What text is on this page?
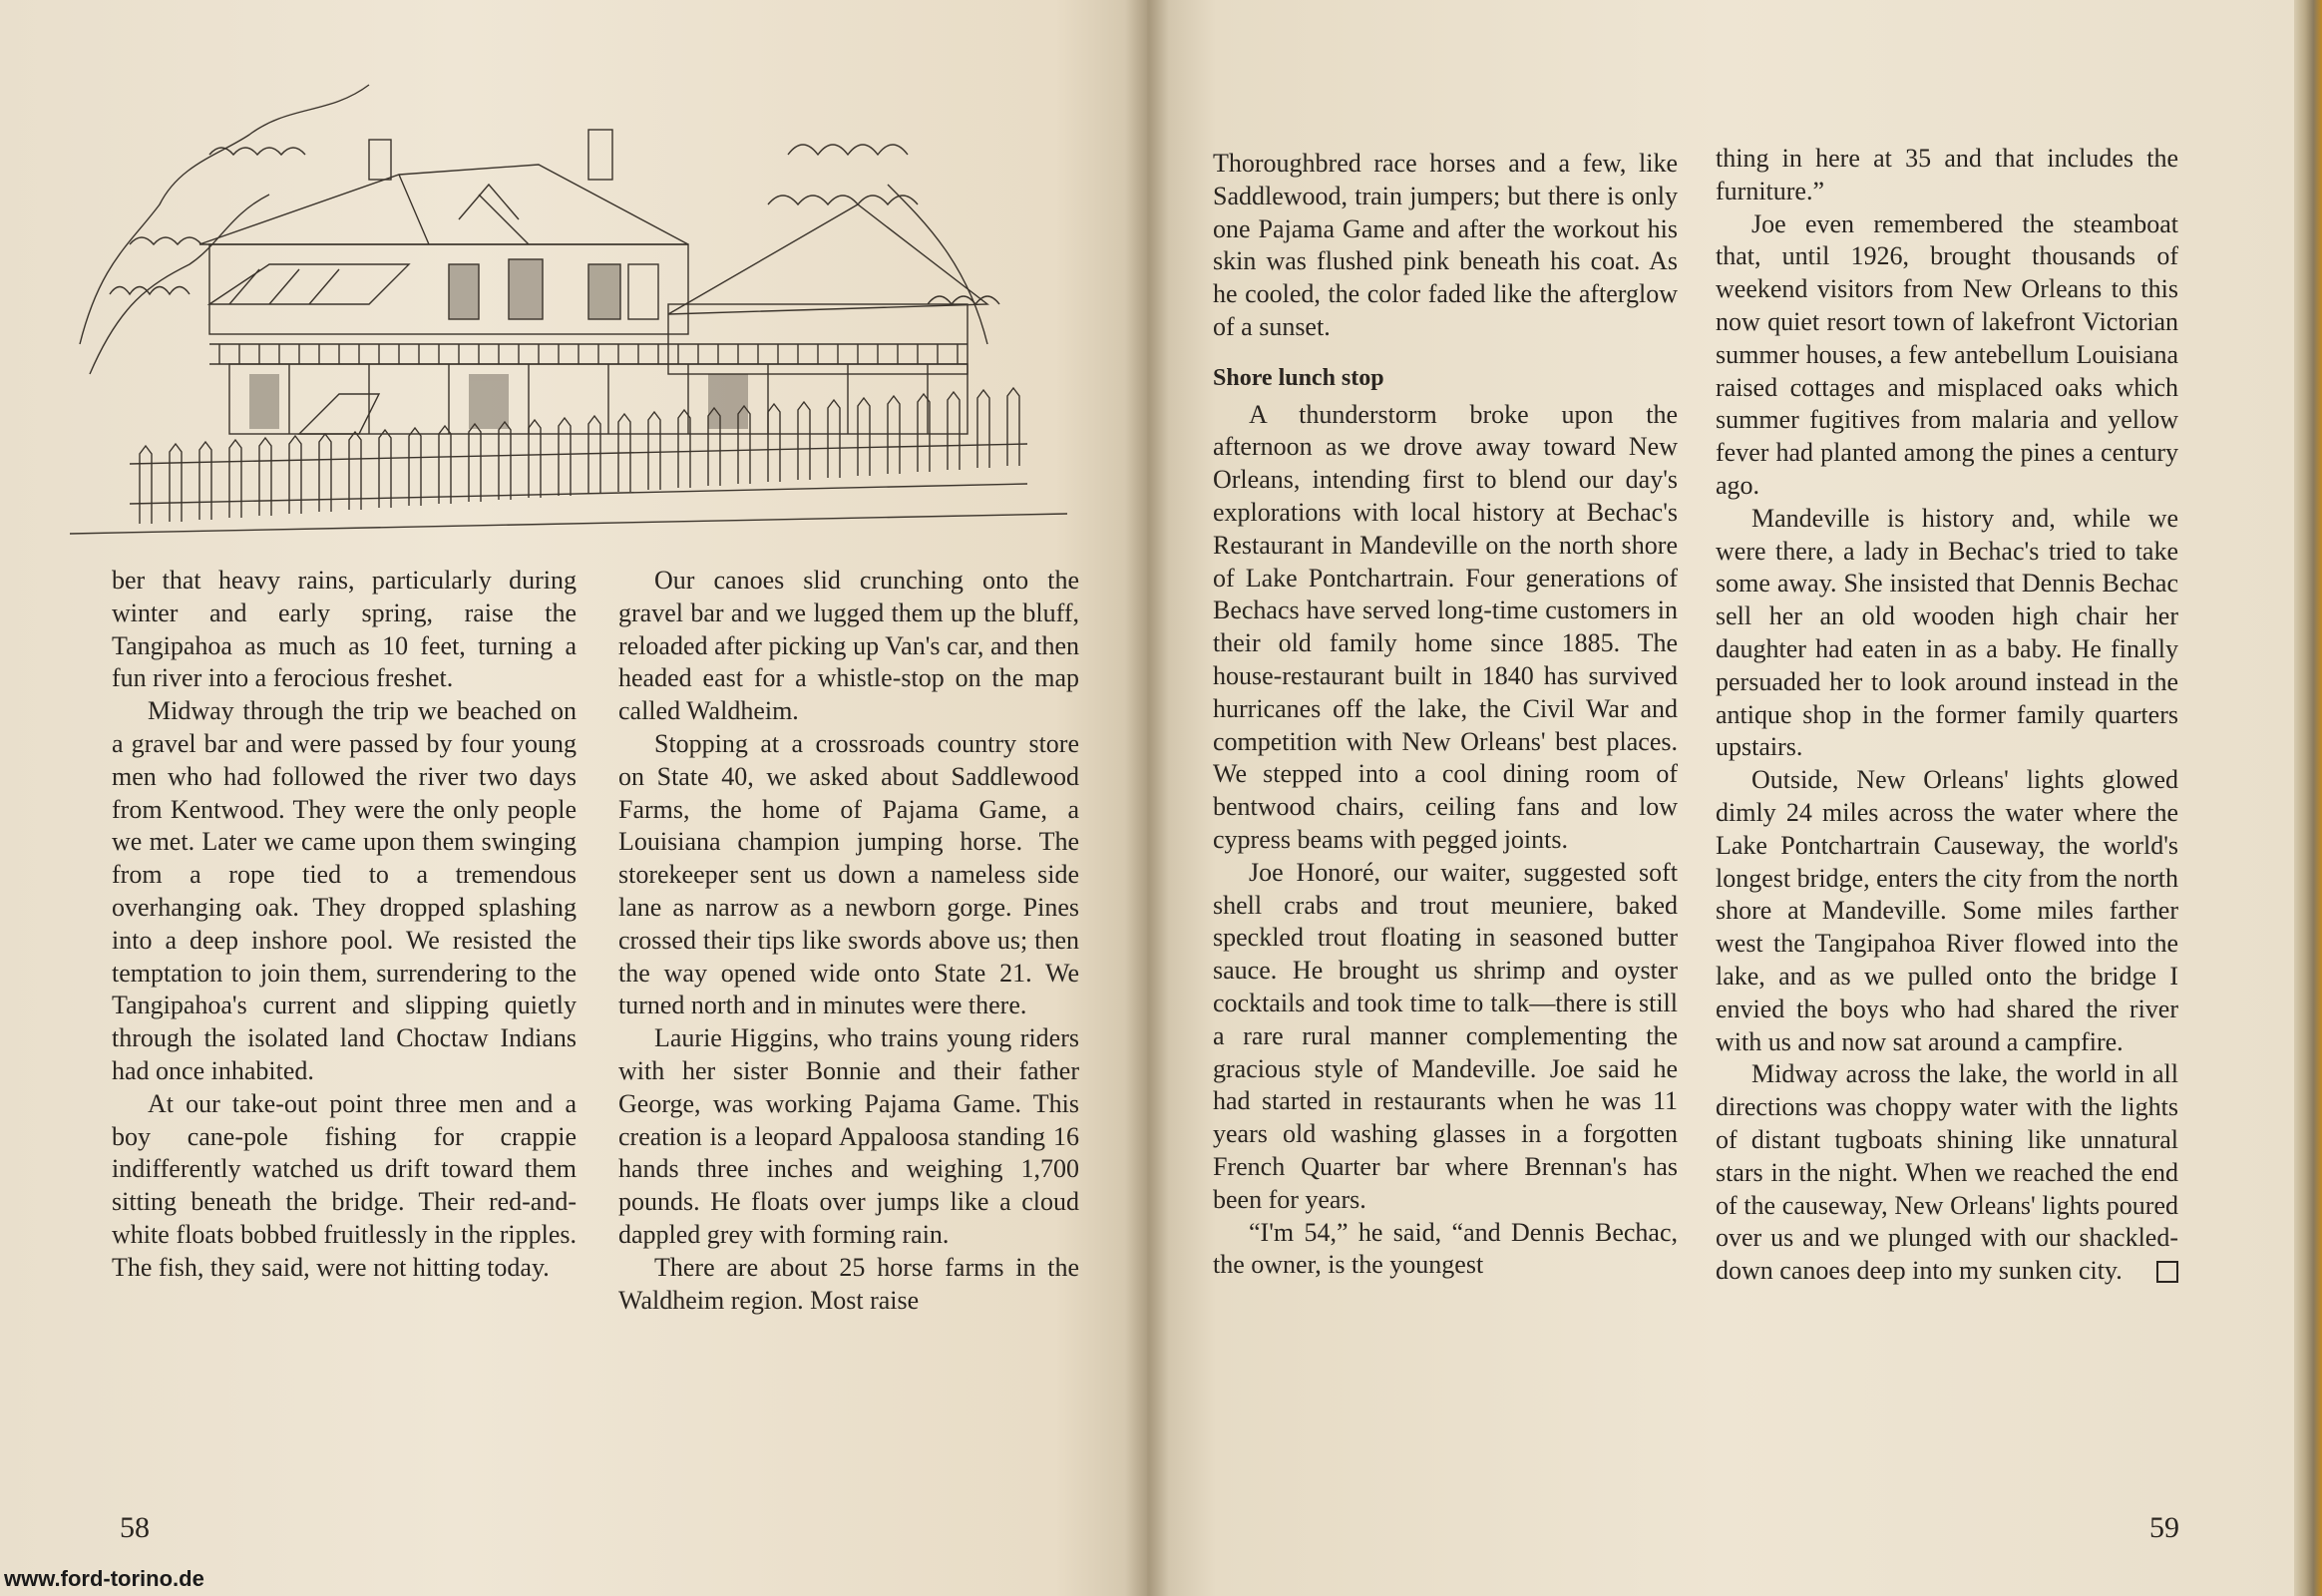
ber that heavy rains, particularly during winter and early spring, raise the Tangipahoa as much as 10 feet, turning a fun river into a ferocious freshet.

Midway through the trip we beached on a gravel bar and were passed by four young men who had followed the river two days from Kentwood. They were the only people we met. Later we came upon them swinging from a rope tied to a tremendous overhanging oak. They dropped splashing into a deep inshore pool. We resisted the temptation to join them, surrendering to the Tangipahoa's current and slipping quietly through the isolated land Choctaw Indians had once inhabited.

At our take-out point three men and a boy cane-pole fishing for crappie indifferently watched us drift toward them sitting beneath the bridge. Their red-and-white floats bobbed fruitlessly in the ripples. The fish, they said, were not hitting today.

Our canoes slid crunching onto the gravel bar and we lugged them up the bluff, reloaded after picking up Van's car, and then headed east for a whistle-stop on the map called Waldheim.

Stopping at a crossroads country store on State 40, we asked about Saddlewood Farms, the home of Pajama Game, a Louisiana champion jumping horse. The storekeeper sent us down a nameless side lane as narrow as a newborn gorge. Pines crossed their tips like swords above us; then the way opened wide onto State 21. We turned north and in minutes were there.

Laurie Higgins, who trains young riders with her sister Bonnie and their father George, was working Pajama Game. This creation is a leopard Appaloosa standing 16 hands three inches and weighing 1,700 pounds. He floats over jumps like a cloud dappled grey with forming rain.

There are about 25 horse farms in the Waldheim region. Most raise

58
www.ford-torino.de

Thoroughbred race horses and a few, like Saddlewood, train jumpers; but there is only one Pajama Game and after the workout his skin was flushed pink beneath his coat. As he cooled, the color faded like the afterglow of a sunset.

Shore lunch stop

A thunderstorm broke upon the afternoon as we drove away toward New Orleans, intending first to blend our day's explorations with local history at Bechac's Restaurant in Mandeville on the north shore of Lake Pontchartrain. Four generations of Bechacs have served long-time customers in their old family home since 1885. The house-restaurant built in 1840 has survived hurricanes off the lake, the Civil War and competition with New Orleans' best places. We stepped into a cool dining room of bentwood chairs, ceiling fans and low cypress beams with pegged joints.

Joe Honoré, our waiter, suggested soft shell crabs and trout meuniere, baked speckled trout floating in seasoned butter sauce. He brought us shrimp and oyster cocktails and took time to talk—there is still a rare rural manner complementing the gracious style of Mandeville. Joe said he had started in restaurants when he was 11 years old washing glasses in a forgotten French Quarter bar where Brennan's has been for years.

“I'm 54,” he said, “and Dennis Bechac, the owner, is the youngest

thing in here at 35 and that includes the furniture.”

Joe even remembered the steamboat that, until 1926, brought thousands of weekend visitors from New Orleans to this now quiet resort town of lakefront Victorian summer houses, a few antebellum Louisiana raised cottages and misplaced oaks which summer fugitives from malaria and yellow fever had planted among the pines a century ago.

Mandeville is history and, while we were there, a lady in Bechac's tried to take some away. She insisted that Dennis Bechac sell her an old wooden high chair her daughter had eaten in as a baby. He finally persuaded her to look around instead in the antique shop in the former family quarters upstairs.

Outside, New Orleans' lights glowed dimly 24 miles across the water where the Lake Pontchartrain Causeway, the world's longest bridge, enters the city from the north shore at Mandeville. Some miles farther west the Tangipahoa River flowed into the lake, and as we pulled onto the bridge I envied the boys who had shared the river with us and now sat around a campfire.

Midway across the lake, the world in all directions was choppy water with the lights of distant tugboats shining like unnatural stars in the night. When we reached the end of the causeway, New Orleans' lights poured over us and we plunged with our shackled-down canoes deep into my sunken city.

59
